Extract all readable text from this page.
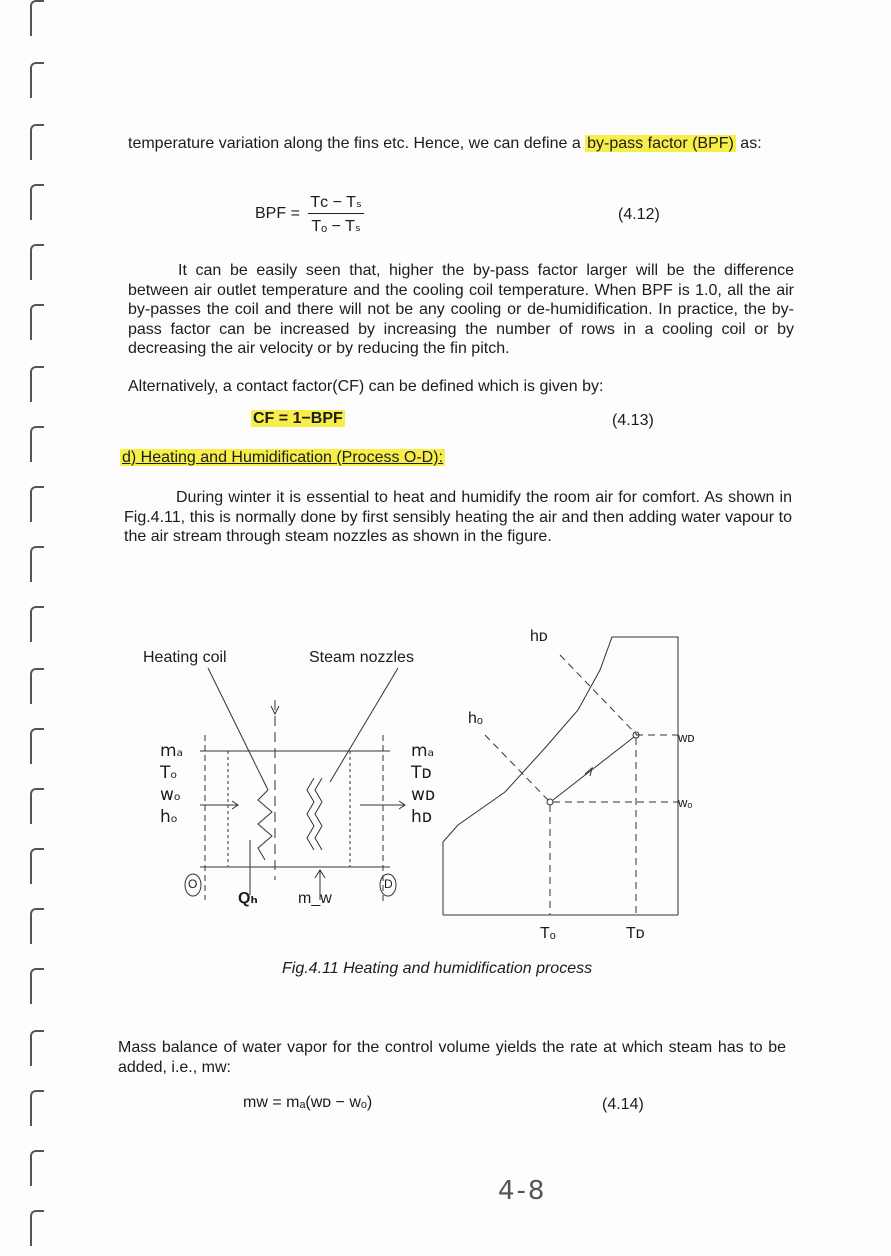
temperature variation along the fins etc. Hence, we can define a by-pass factor (BPF) as:

BPF = $\frac{\text{Tᴄ − Tₛ}}{\text{Tₒ − Tₛ}}$	(4.12)

It can be easily seen that, higher the by-pass factor larger will be the difference between air outlet temperature and the cooling coil temperature. When BPF is 1.0, all the air by-passes the coil and there will not be any cooling or de-humidification. In practice, the by-pass factor can be increased by increasing the number of rows in a cooling coil or by decreasing the air velocity or by reducing the fin pitch.

Alternatively, a contact factor(CF) can be defined which is given by:

CF = 1−BPF	(4.13)
d) Heating and Humidification (Process O-D):

During winter it is essential to heat and humidify the room air for comfort. As shown in Fig.4.11, this is normally done by first sensibly heating the air and then adding water vapour to the air stream through steam nozzles as shown in the figure.

Heating coil	Steam nozzles
mₐ
Tₒ
wₒ
hₒ
mₐ
Tᴅ
wᴅ
hᴅ
O	D
Qₕ	m_w
hᴅ
hₒ
wᴅ
wₒ
Tₒ	Tᴅ
Fig.4.11 Heating and humidification process

Mass balance of water vapor for the control volume yields the rate at which steam has to be added, i.e., mᴡ:

mᴡ = mₐ(wᴅ − wₒ)	(4.14)
4-8
